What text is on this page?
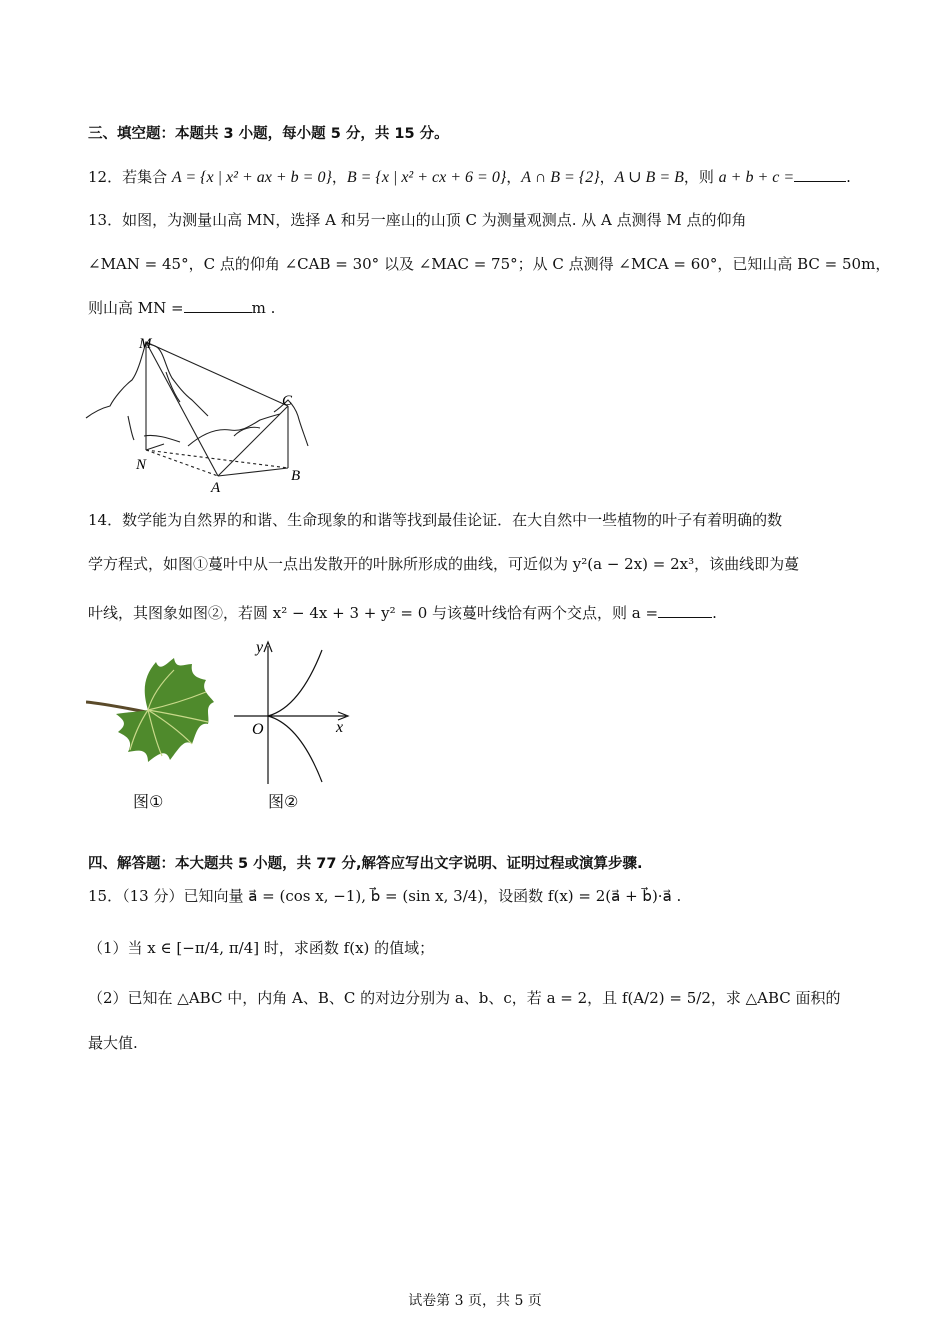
三、填空题：本题共 3 小题，每小题 5 分，共 15 分。
12．若集合 A = {x | x² + ax + b = 0}，B = {x | x² + cx + 6 = 0}，A ∩ B = {2}，A ∪ B = B，则 a + b + c =	.
13．如图，为测量山高 MN，选择 A 和另一座山的山顶 C 为测量观测点. 从 A 点测得 M 点的仰角
∠MAN = 45°，C 点的仰角 ∠CAB = 30° 以及 ∠MAC = 75°；从 C 点测得 ∠MCA = 60°，已知山高 BC = 50m，
则山高 MN =	m .
M
N
A
B
C
14．数学能为自然界的和谐、生命现象的和谐等找到最佳论证．在大自然中一些植物的叶子有着明确的数
学方程式，如图①蔓叶中从一点出发散开的叶脉所形成的曲线，可近似为 y²(a − 2x) = 2x³，该曲线即为蔓
叶线，其图象如图②，若圆 x² − 4x + 3 + y² = 0 与该蔓叶线恰有两个交点，则 a =	.
图①
y
x
O
图②
四、解答题：本大题共 5 小题，共 77 分,解答应写出文字说明、证明过程或演算步骤.
15．（13 分）已知向量 a⃗ = (cos x, −1), b⃗ = (sin x, 3/4)，设函数 f(x) = 2(a⃗ + b⃗)·a⃗ .
（1）当 x ∈ [−π/4, π/4] 时，求函数 f(x) 的值域；
（2）已知在 △ABC 中，内角 A、B、C 的对边分别为 a、b、c，若 a = 2，且 f(A/2) = 5/2，求 △ABC 面积的
最大值.
试卷第 3 页，共 5 页
